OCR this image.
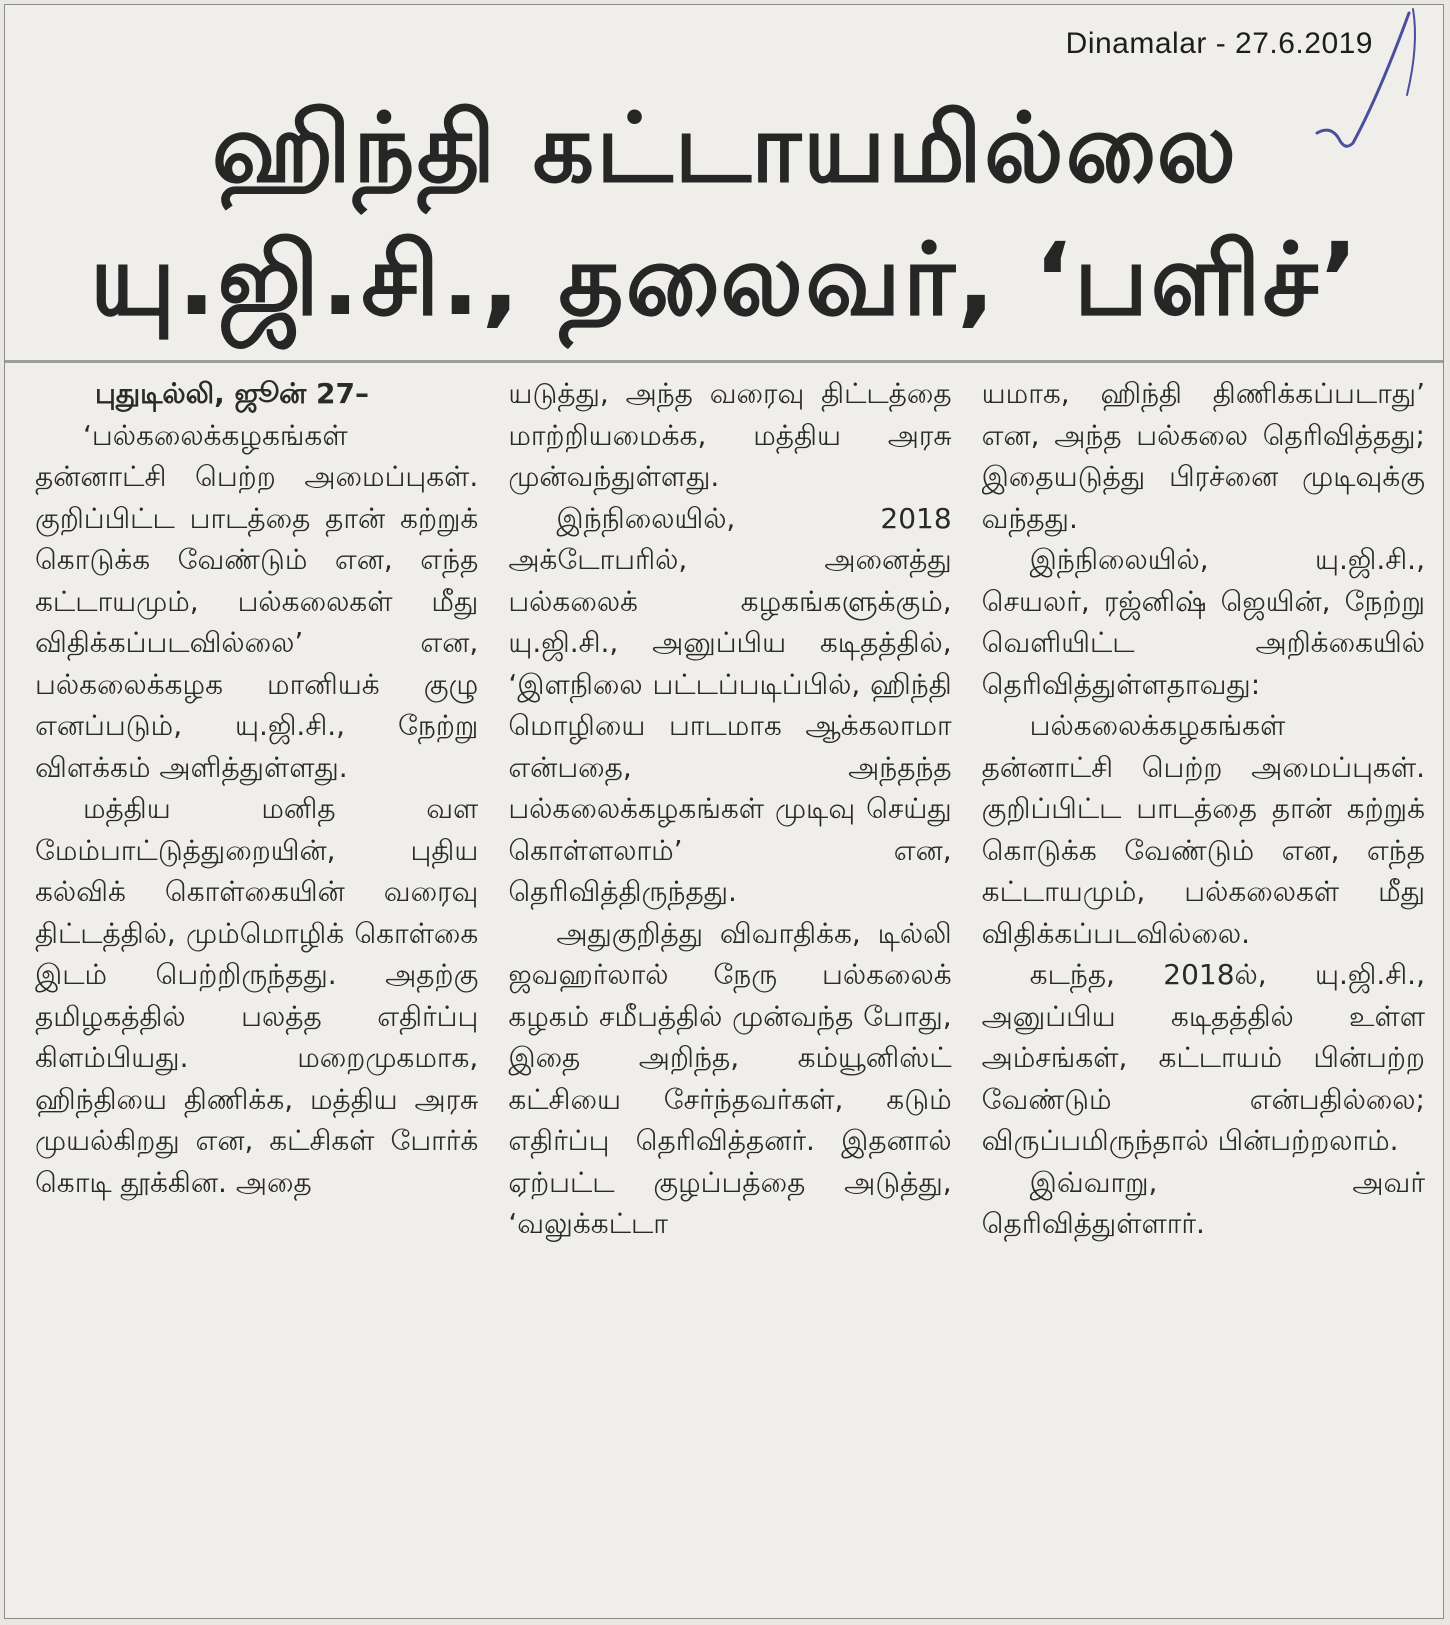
Dinamalar - 27.6.2019
ஹிந்தி கட்டாயமில்லை
யு.ஜி.சி., தலைவர், ‘பளிச்’

புதுடில்லி, ஜூன் 27–

‘பல்கலைக்கழகங்கள் தன்னாட்சி பெற்ற அமைப்புகள். குறிப்பிட்ட பாடத்தை தான் கற்றுக் கொடுக்க வேண்டும் என, எந்த கட்டாயமும், பல்கலைகள் மீது விதிக்கப்படவில்லை’ என, பல்கலைக்கழக மானியக் குழு எனப்படும், யு.ஜி.சி., நேற்று விளக்கம் அளித்துள்ளது.

மத்திய மனித வள மேம்பாட்டுத்துறையின், புதிய கல்விக் கொள்கையின் வரைவு திட்டத்தில், மும்மொழிக் கொள்கை இடம் பெற்றிருந்தது. அதற்கு தமிழகத்தில் பலத்த எதிர்ப்பு கிளம்பியது. மறைமுகமாக, ஹிந்தியை திணிக்க, மத்திய அரசு முயல்கிறது என, கட்சிகள் போர்க் கொடி தூக்கின. அதை

யடுத்து, அந்த வரைவு திட்டத்தை மாற்றியமைக்க, மத்திய அரசு முன்வந்துள்ளது.

இந்நிலையில், 2018 அக்டோபரில், அனைத்து பல்கலைக் கழகங்களுக்கும், யு.ஜி.சி., அனுப்பிய கடிதத்தில், ‘இளநிலை பட்டப்படிப்பில், ஹிந்தி மொழியை பாடமாக ஆக்கலாமா என்பதை, அந்தந்த பல்கலைக்கழகங்கள் முடிவு செய்து கொள்ளலாம்’ என, தெரிவித்திருந்தது.

அதுகுறித்து விவாதிக்க, டில்லி ஜவஹர்லால் நேரு பல்கலைக் கழகம் சமீபத்தில் முன்வந்த போது, இதை அறிந்த, கம்யூனிஸ்ட் கட்சியை சேர்ந்தவர்கள், கடும் எதிர்ப்பு தெரிவித்தனர். இதனால் ஏற்பட்ட குழப்பத்தை அடுத்து, ‘வலுக்கட்டா

யமாக, ஹிந்தி திணிக்கப்படாது’ என, அந்த பல்கலை தெரிவித்தது; இதையடுத்து பிரச்னை முடிவுக்கு வந்தது.

இந்நிலையில், யு.ஜி.சி., செயலர், ரஜ்னிஷ் ஜெயின், நேற்று வெளியிட்ட அறிக்கையில் தெரிவித்துள்ளதாவது:

பல்கலைக்கழகங்கள் தன்னாட்சி பெற்ற அமைப்புகள். குறிப்பிட்ட பாடத்தை தான் கற்றுக் கொடுக்க வேண்டும் என, எந்த கட்டாயமும், பல்கலைகள் மீது விதிக்கப்படவில்லை.

கடந்த, 2018ல், யு.ஜி.சி., அனுப்பிய கடிதத்தில் உள்ள அம்சங்கள், கட்டாயம் பின்பற்ற வேண்டும் என்பதில்லை; விருப்பமிருந்தால் பின்பற்றலாம்.

இவ்வாறு, அவர் தெரிவித்துள்ளார்.
